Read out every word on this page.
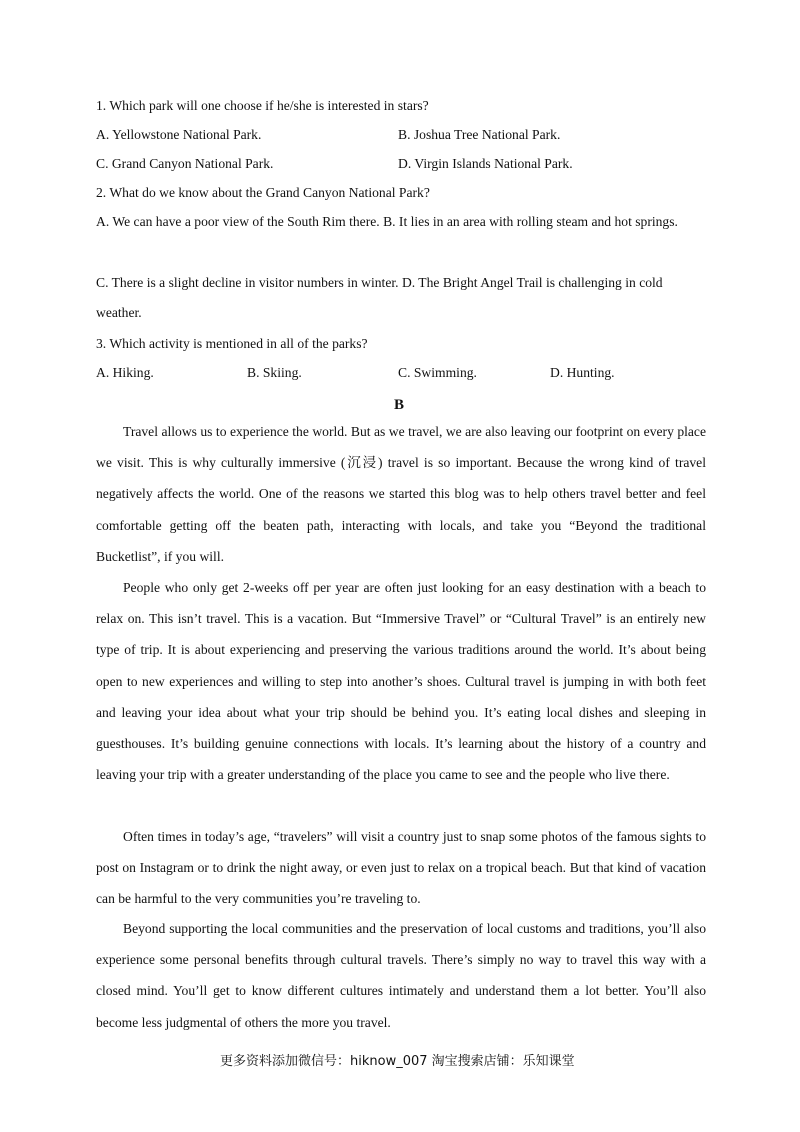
1. Which park will one choose if he/she is interested in stars?
A. Yellowstone National Park.	B. Joshua Tree National Park.
C. Grand Canyon National Park.	D. Virgin Islands National Park.
2. What do we know about the Grand Canyon National Park?
A. We can have a poor view of the South Rim there. B. It lies in an area with rolling steam and hot springs.
C. There is a slight decline in visitor numbers in winter. D. The Bright Angel Trail is challenging in cold weather.
3. Which activity is mentioned in all of the parks?
A. Hiking.	B. Skiing.	C. Swimming.	D. Hunting.
B
Travel allows us to experience the world. But as we travel, we are also leaving our footprint on every place we visit. This is why culturally immersive (沉浸) travel is so important. Because the wrong kind of travel negatively affects the world. One of the reasons we started this blog was to help others travel better and feel comfortable getting off the beaten path, interacting with locals, and take you “Beyond the traditional Bucketlist”, if you will.
People who only get 2-weeks off per year are often just looking for an easy destination with a beach to relax on. This isn’t travel. This is a vacation. But “Immersive Travel” or “Cultural Travel” is an entirely new type of trip. It is about experiencing and preserving the various traditions around the world. It’s about being open to new experiences and willing to step into another’s shoes. Cultural travel is jumping in with both feet and leaving your idea about what your trip should be behind you. It’s eating local dishes and sleeping in guesthouses. It’s building genuine connections with locals. It’s learning about the history of a country and leaving your trip with a greater understanding of the place you came to see and the people who live there.
Often times in today’s age, “travelers” will visit a country just to snap some photos of the famous sights to post on Instagram or to drink the night away, or even just to relax on a tropical beach. But that kind of vacation can be harmful to the very communities you’re traveling to.
Beyond supporting the local communities and the preservation of local customs and traditions, you’ll also experience some personal benefits through cultural travels. There’s simply no way to travel this way with a closed mind. You’ll get to know different cultures intimately and understand them a lot better. You’ll also become less judgmental of others the more you travel.
更多资料添加微信号：hiknow_007 淘宝搜索店铺：乐知课堂
